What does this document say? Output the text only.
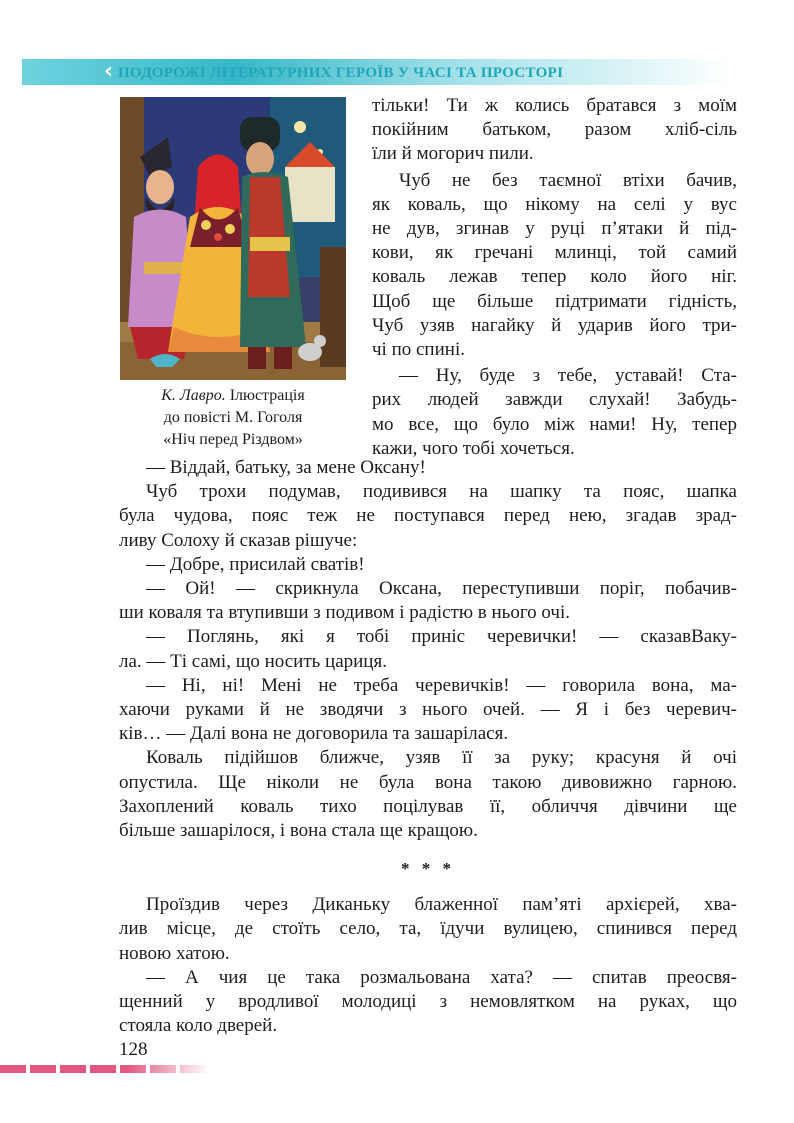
‹ ПОДОРОЖІ ЛІТЕРАТУРНИХ ГЕРОЇВ У ЧАСІ ТА ПРОСТОРІ
К. Лавро. Ілюстрація
до повісті М. Гоголя
«Ніч перед Різдвом»

тільки! Ти ж колись братався з моїм
покійним батьком, разом хліб-сіль
їли й могорич пили.

Чуб не без таємної втіхи бачив,
як коваль, що нікому на селі у вус
не дув, згинав у руці п’ятаки й під-
кови, як гречані млинці, той самий
коваль лежав тепер коло його ніг.
Щоб ще більше підтримати гідність,
Чуб узяв нагайку й ударив його три-
чі по спині.

— Ну, буде з тебе, уставай! Ста-
рих людей завжди слухай! Забудь-
мо все, що було між нами! Ну, тепер
кажи, чого тобі хочеться.

— Віддай, батьку, за мене Оксану!

Чуб трохи подумав, подивився на шапку та пояс, шапка
була чудова, пояс теж не поступався перед нею, згадав зрад-
ливу Солоху й сказав рішуче:

— Добре, присилай сватів!

— Ой! — скрикнула Оксана, переступивши поріг, побачив-
ши коваля та втупивши з подивом і радістю в нього очі.

— Поглянь, які я тобі приніс черевички! — сказавВаку-
ла. — Ті самі, що носить цариця.

— Ні, ні! Мені не треба черевичків! — говорила вона, ма-
хаючи руками й не зводячи з нього очей. — Я і без черевич-
ків… — Далі вона не договорила та зашарілася.

Коваль підійшов ближче, узяв її за руку; красуня й очі
опустила. Ще ніколи не була вона такою дивовижно гарною.
Захоплений коваль тихо поцілував її, обличчя дівчини ще
більше зашарілося, і вона стала ще кращою.

* * *

Проїздив через Диканьку блаженної пам’яті архієрей, хва-
лив місце, де стоїть село, та, їдучи вулицею, спинився перед
новою хатою.

— А чия це така розмальована хата? — спитав преосвя-
щенний у вродливої молодиці з немовлятком на руках, що
стояла коло дверей.

128
